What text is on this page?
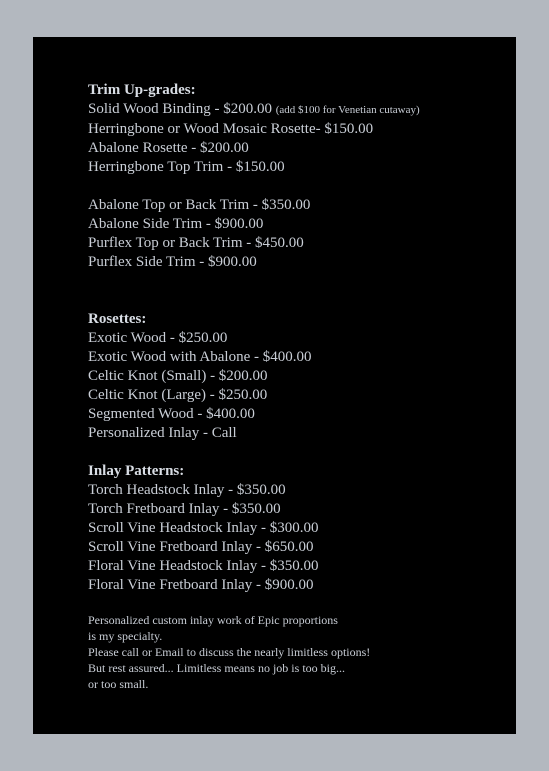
Trim Up-grades:
Solid Wood Binding - $200.00 (add $100 for Venetian cutaway)
Herringbone or Wood Mosaic Rosette- $150.00
Abalone Rosette - $200.00
Herringbone Top Trim - $150.00
Abalone Top or Back Trim - $350.00
Abalone Side Trim - $900.00
Purflex Top or Back Trim - $450.00
Purflex Side Trim - $900.00
Rosettes:
Exotic Wood - $250.00
Exotic Wood with Abalone - $400.00
Celtic Knot (Small) - $200.00
Celtic Knot (Large) - $250.00
Segmented Wood - $400.00
Personalized Inlay - Call
Inlay Patterns:
Torch Headstock Inlay - $350.00
Torch Fretboard Inlay - $350.00
Scroll Vine Headstock Inlay - $300.00
Scroll Vine Fretboard Inlay - $650.00
Floral Vine Headstock Inlay - $350.00
Floral Vine Fretboard Inlay - $900.00
Personalized custom inlay work of Epic proportions
is my specialty.
Please call or Email to discuss the nearly limitless options!
But rest assured... Limitless means no job is too big...
or too small.
